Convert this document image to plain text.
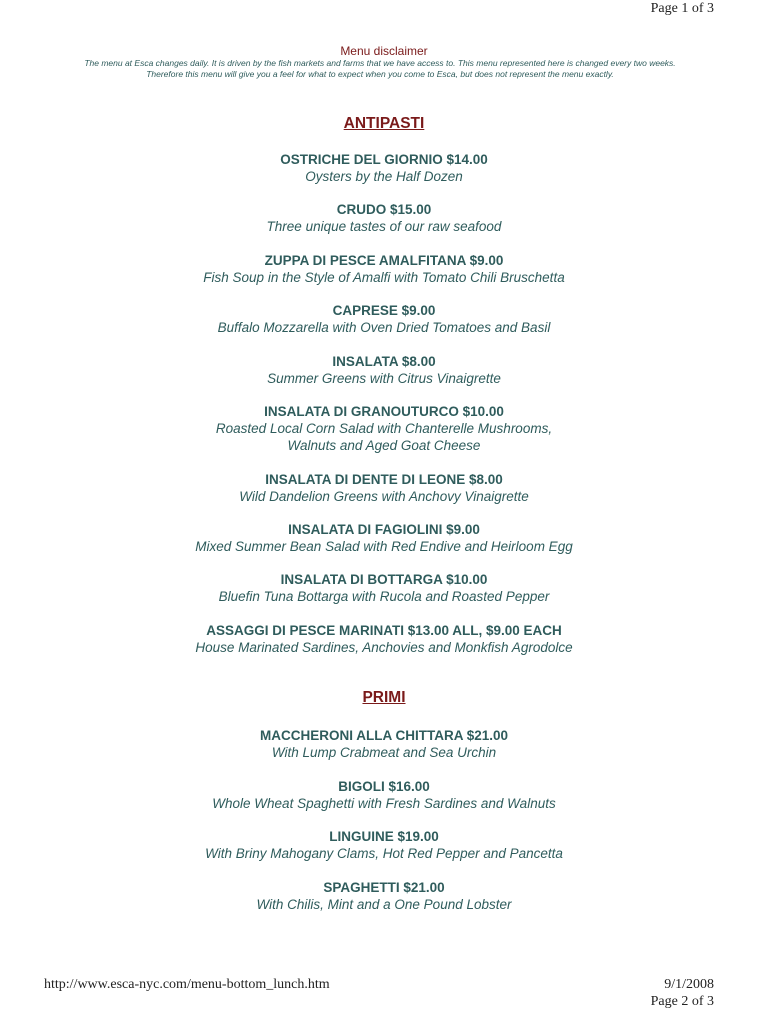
Page 1 of 3
Menu disclaimer
The menu at Esca changes daily. It is driven by the fish markets and farms that we have access to. This menu represented here is changed every two weeks.
Therefore this menu will give you a feel for what to expect when you come to Esca, but does not represent the menu exactly.
ANTIPASTI
OSTRICHE DEL GIORNIO $14.00
Oysters by the Half Dozen
CRUDO $15.00
Three unique tastes of our raw seafood
ZUPPA DI PESCE AMALFITANA $9.00
Fish Soup in the Style of Amalfi with Tomato Chili Bruschetta
CAPRESE $9.00
Buffalo Mozzarella with Oven Dried Tomatoes and Basil
INSALATA $8.00
Summer Greens with Citrus Vinaigrette
INSALATA DI GRANOUTURCO $10.00
Roasted Local Corn Salad with Chanterelle Mushrooms,
Walnuts and Aged Goat Cheese
INSALATA DI DENTE DI LEONE $8.00
Wild Dandelion Greens with Anchovy Vinaigrette
INSALATA DI FAGIOLINI $9.00
Mixed Summer Bean Salad with Red Endive and Heirloom Egg
INSALATA DI BOTTARGA $10.00
Bluefin Tuna Bottarga with Rucola and Roasted Pepper
ASSAGGI DI PESCE MARINATI $13.00 ALL, $9.00 EACH
House Marinated Sardines, Anchovies and Monkfish Agrodolce
PRIMI
MACCHERONI ALLA CHITTARA $21.00
With Lump Crabmeat and Sea Urchin
BIGOLI $16.00
Whole Wheat Spaghetti with Fresh Sardines and Walnuts
LINGUINE $19.00
With Briny Mahogany Clams, Hot Red Pepper and Pancetta
SPAGHETTI $21.00
With Chilis, Mint and a One Pound Lobster
http://www.esca-nyc.com/menu-bottom_lunch.htm	9/1/2008
Page 2 of 3
